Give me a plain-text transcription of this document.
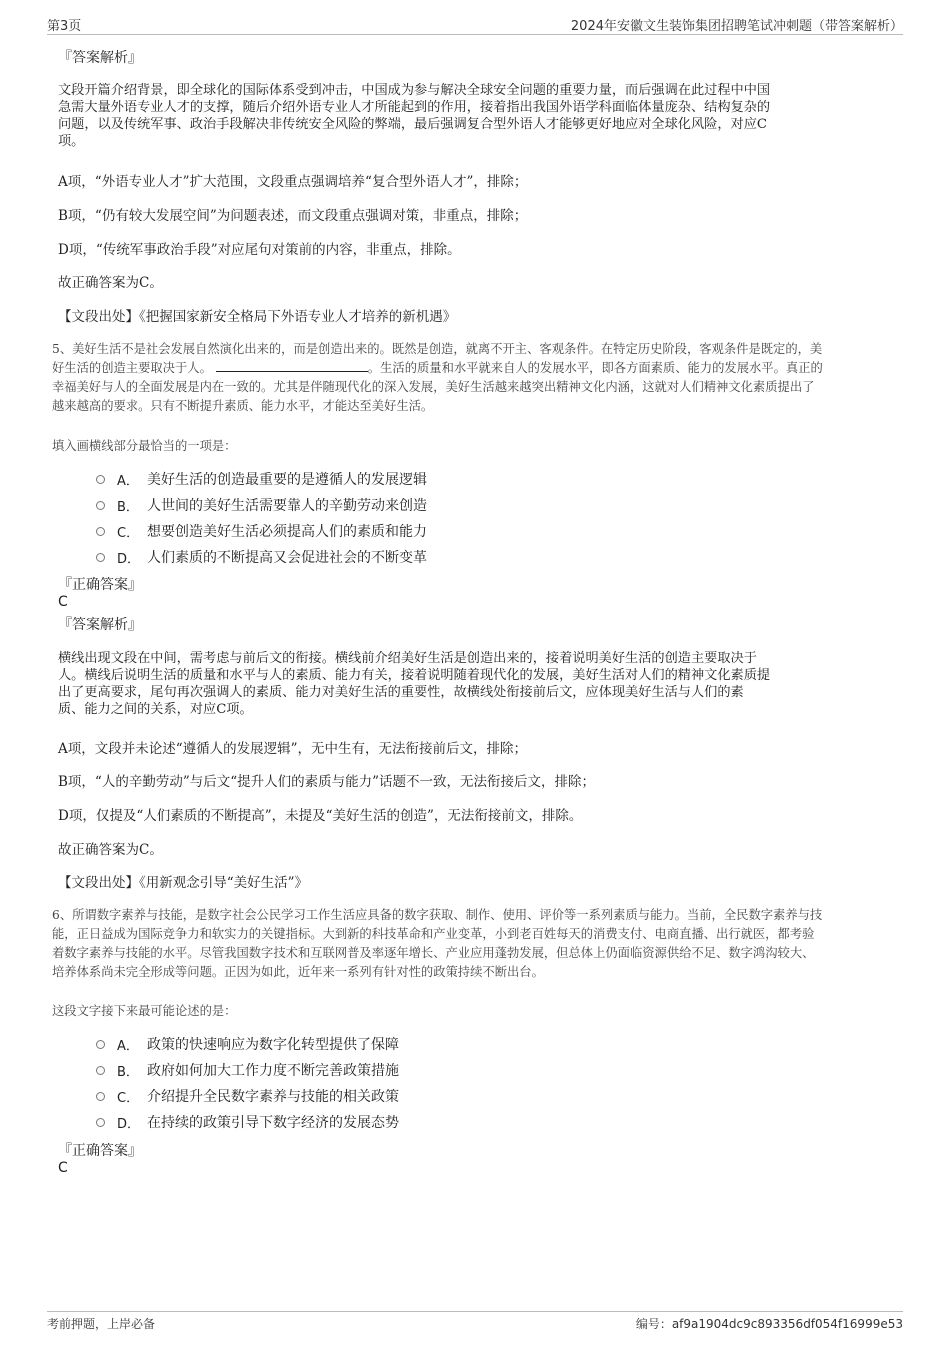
第3页	2024年安徽文生装饰集团招聘笔试冲刺题（带答案解析）
『答案解析』
文段开篇介绍背景，即全球化的国际体系受到冲击，中国成为参与解决全球安全问题的重要力量，而后强调在此过程中中国
急需大量外语专业人才的支撑，随后介绍外语专业人才所能起到的作用，接着指出我国外语学科面临体量庞杂、结构复杂的
问题，以及传统军事、政治手段解决非传统安全风险的弊端，最后强调复合型外语人才能够更好地应对全球化风险，对应C
项。
A项，“外语专业人才”扩大范围，文段重点强调培养“复合型外语人才”，排除；
B项，“仍有较大发展空间”为问题表述，而文段重点强调对策，非重点，排除；
D项，“传统军事政治手段”对应尾句对策前的内容，非重点，排除。
故正确答案为C。
【文段出处】《把握国家新安全格局下外语专业人才培养的新机遇》
5、美好生活不是社会发展自然演化出来的，而是创造出来的。既然是创造，就离不开主、客观条件。在特定历史阶段，客观条件是既定的，美
好生活的创造主要取决于人。	。生活的质量和水平就来自人的发展水平，即各方面素质、能力的发展水平。真正的
幸福美好与人的全面发展是内在一致的。尤其是伴随现代化的深入发展，美好生活越来越突出精神文化内涵，这就对人们精神文化素质提出了
越来越高的要求。只有不断提升素质、能力水平，才能达至美好生活。
填入画横线部分最恰当的一项是：
A． 美好生活的创造最重要的是遵循人的发展逻辑
B． 人世间的美好生活需要靠人的辛勤劳动来创造
C． 想要创造美好生活必须提高人们的素质和能力
D． 人们素质的不断提高又会促进社会的不断变革
『正确答案』
C
『答案解析』
横线出现文段在中间，需考虑与前后文的衔接。横线前介绍美好生活是创造出来的，接着说明美好生活的创造主要取决于
人。横线后说明生活的质量和水平与人的素质、能力有关，接着说明随着现代化的发展，美好生活对人们的精神文化素质提
出了更高要求，尾句再次强调人的素质、能力对美好生活的重要性，故横线处衔接前后文，应体现美好生活与人们的素
质、能力之间的关系，对应C项。
A项，文段并未论述“遵循人的发展逻辑”，无中生有，无法衔接前后文，排除；
B项，“人的辛勤劳动”与后文“提升人们的素质与能力”话题不一致，无法衔接后文，排除；
D项，仅提及“人们素质的不断提高”，未提及“美好生活的创造”，无法衔接前文，排除。
故正确答案为C。
【文段出处】《用新观念引导“美好生活”》
6、所谓数字素养与技能，是数字社会公民学习工作生活应具备的数字获取、制作、使用、评价等一系列素质与能力。当前，全民数字素养与技
能，正日益成为国际竞争力和软实力的关键指标。大到新的科技革命和产业变革，小到老百姓每天的消费支付、电商直播、出行就医，都考验
着数字素养与技能的水平。尽管我国数字技术和互联网普及率逐年增长、产业应用蓬勃发展，但总体上仍面临资源供给不足、数字鸿沟较大、
培养体系尚未完全形成等问题。正因为如此，近年来一系列有针对性的政策持续不断出台。
这段文字接下来最可能论述的是：
A． 政策的快速响应为数字化转型提供了保障
B． 政府如何加大工作力度不断完善政策措施
C． 介绍提升全民数字素养与技能的相关政策
D． 在持续的政策引导下数字经济的发展态势
『正确答案』
C
考前押题，上岸必备	编号：af9a1904dc9c893356df054f16999e53
